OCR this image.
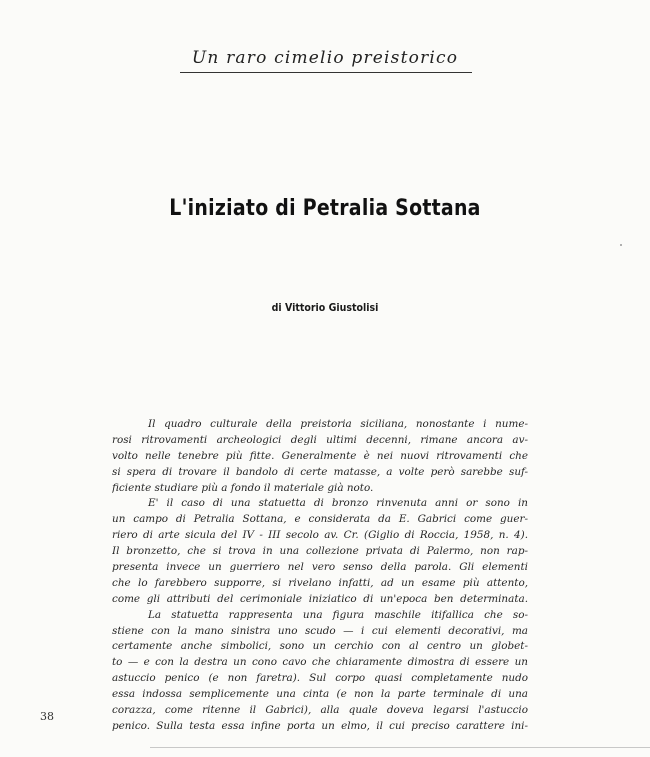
Un raro cimelio preistorico
L'iniziato di Petralia Sottana
di Vittorio Giustolisi
Il quadro culturale della preistoria siciliana, nonostante i nume-
rosi ritrovamenti archeologici degli ultimi decenni, rimane ancora av-
volto nelle tenebre più fitte. Generalmente è nei nuovi ritrovamenti che
si spera di trovare il bandolo di certe matasse, a volte però sarebbe suf-
ficiente studiare più a fondo il materiale già noto.
E' il caso di una statuetta di bronzo rinvenuta anni or sono in
un campo di Petralia Sottana, e considerata da E. Gabrici come guer-
riero di arte sicula del IV - III secolo av. Cr. (Giglio di Roccia, 1958, n. 4).
Il bronzetto, che si trova in una collezione privata di Palermo, non rap-
presenta invece un guerriero nel vero senso della parola. Gli elementi
che lo farebbero supporre, si rivelano infatti, ad un esame più attento,
come gli attributi del cerimoniale iniziatico di un'epoca ben determinata.
La statuetta rappresenta una figura maschile itifallica che so-
stiene con la mano sinistra uno scudo — i cui elementi decorativi, ma
certamente anche simbolici, sono un cerchio con al centro un globet-
to — e con la destra un cono cavo che chiaramente dimostra di essere un
astuccio penico (e non faretra). Sul corpo quasi completamente nudo
essa indossa semplicemente una cinta (e non la parte terminale di una
corazza, come ritenne il Gabrici), alla quale doveva legarsi l'astuccio
penico. Sulla testa essa infine porta un elmo, il cui preciso carattere ini-
38
